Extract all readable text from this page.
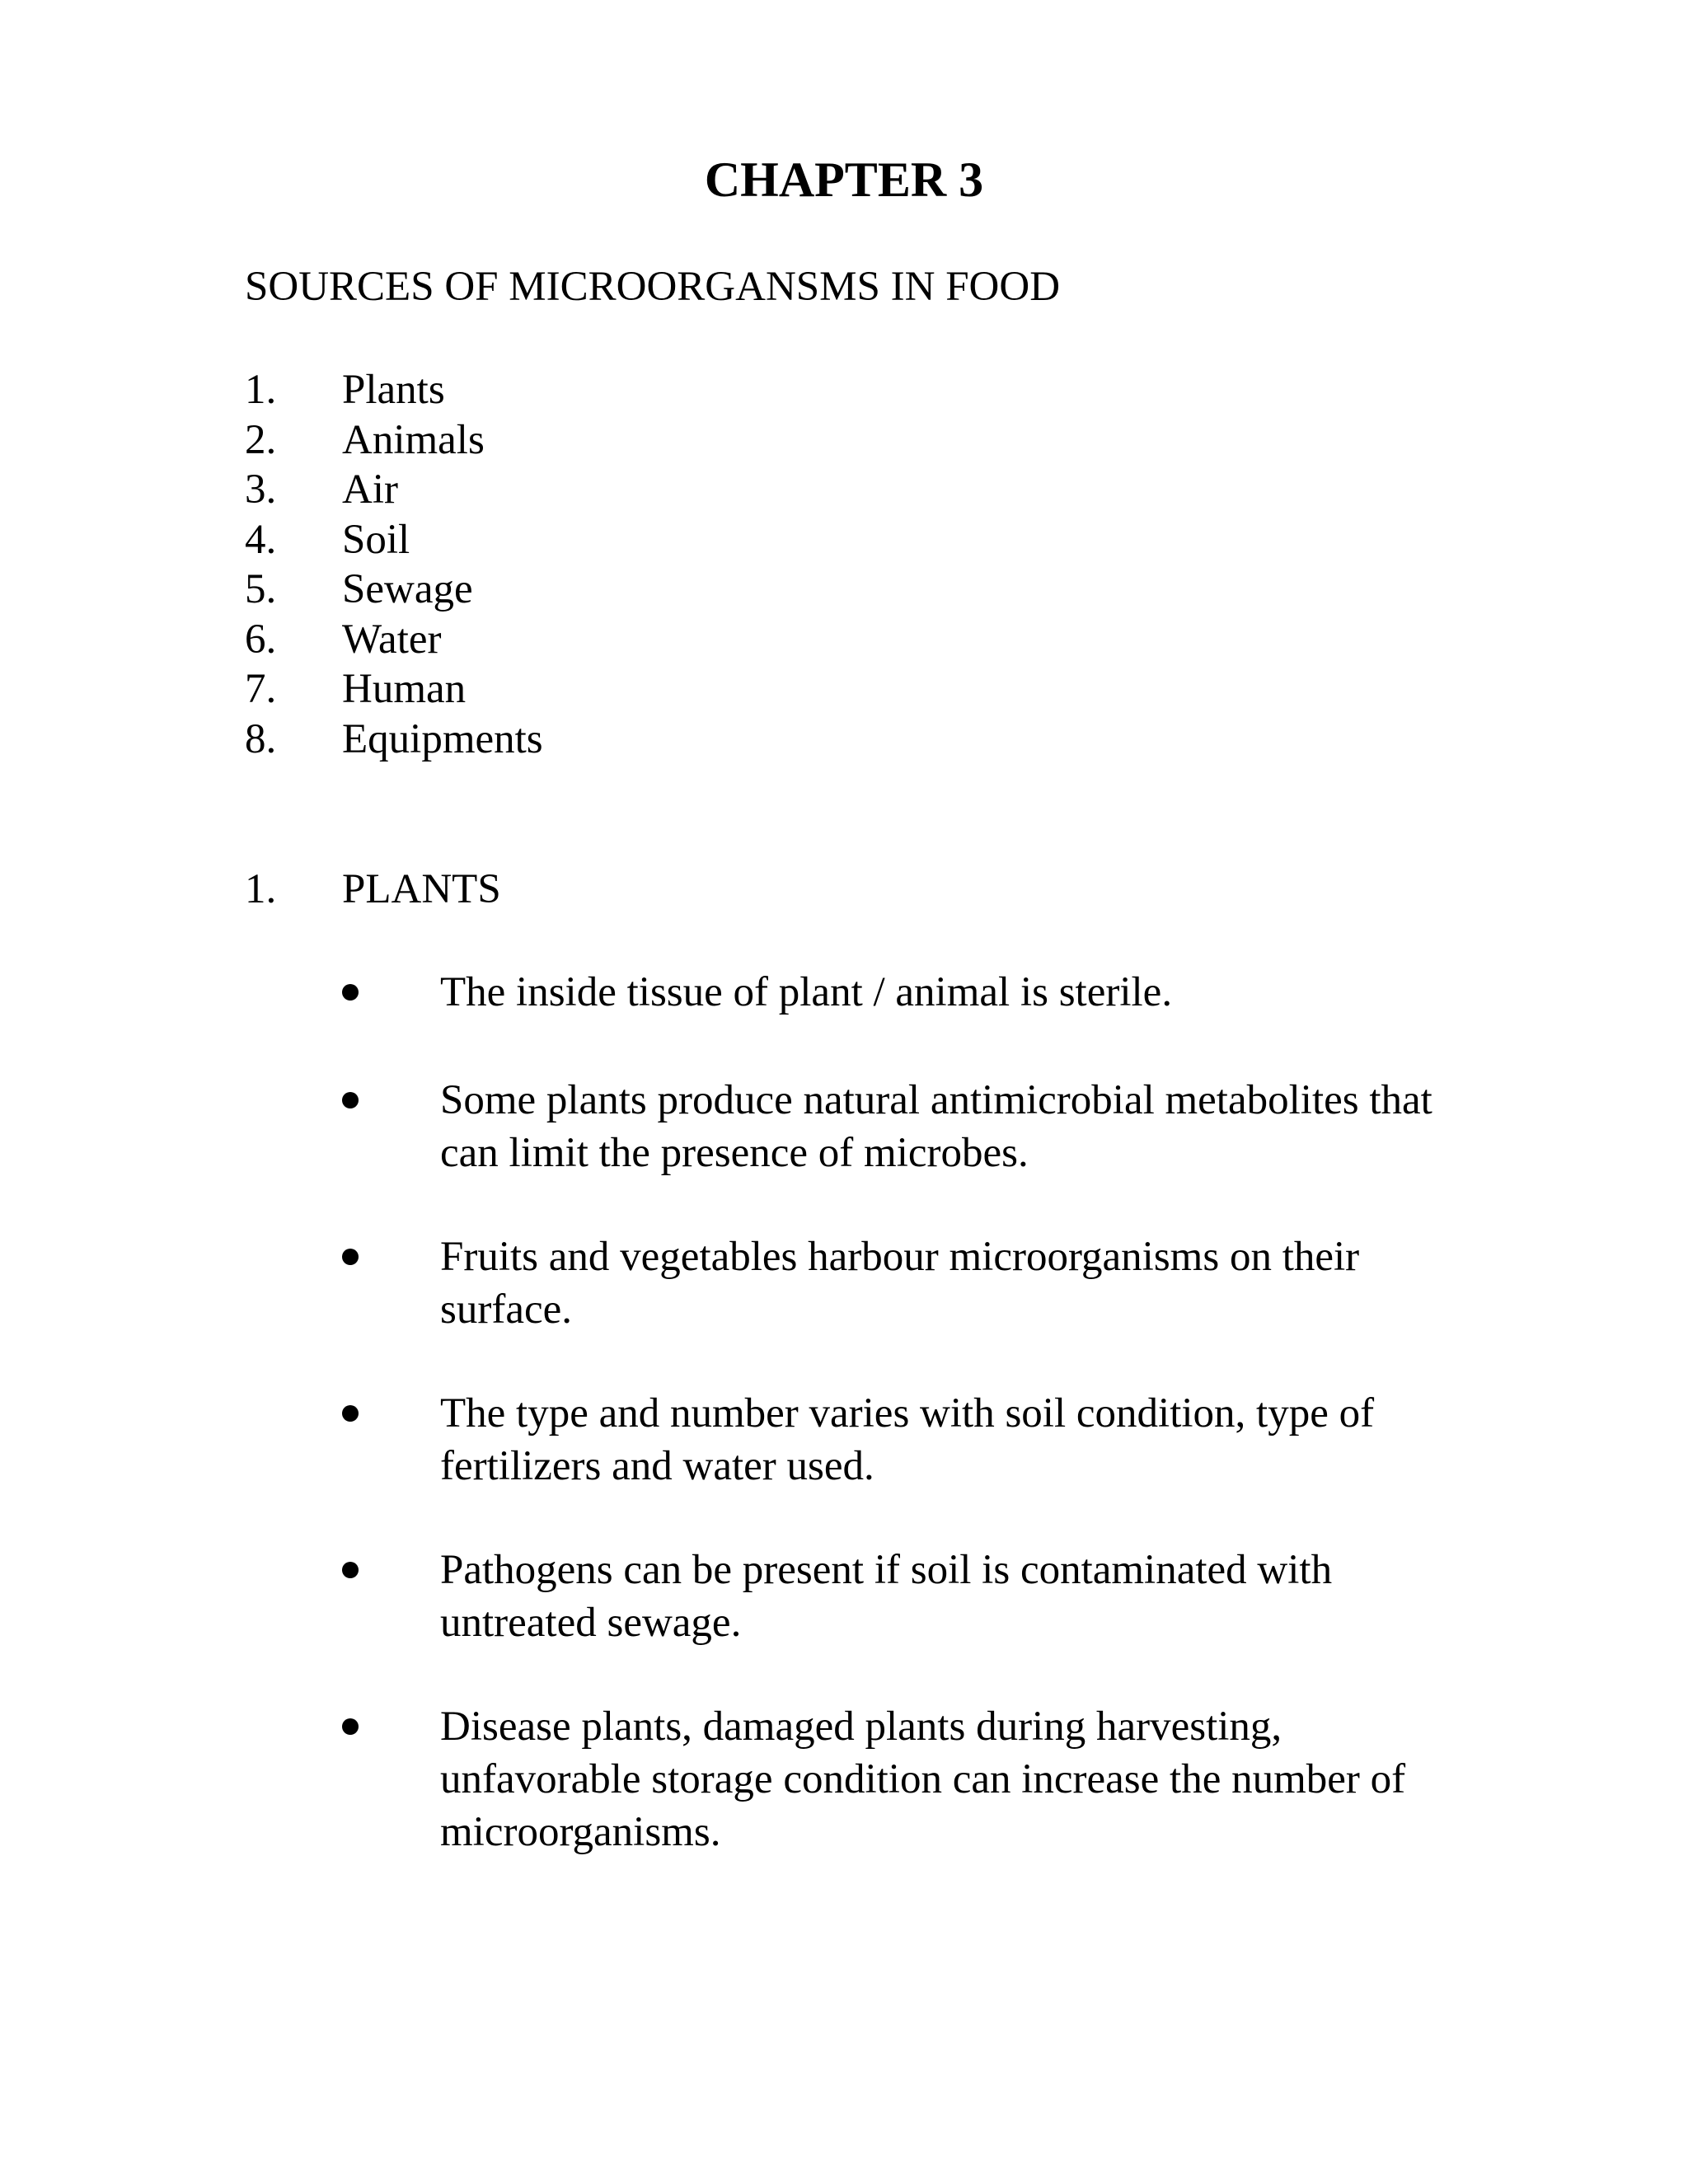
CHAPTER 3

SOURCES OF MICROORGANSMS IN FOOD

1. Plants
2. Animals
3. Air
4. Soil
5. Sewage
6. Water
7. Human
8. Equipments

1. PLANTS

The inside tissue of plant / animal is sterile.

Some plants produce natural antimicrobial metabolites that can limit the presence of microbes.

Fruits and vegetables harbour microorganisms on their surface.

The type and number varies with soil condition, type of fertilizers and water used.

Pathogens can be present if soil is contaminated with untreated sewage.

Disease plants, damaged plants during harvesting, unfavorable storage condition can increase the number of microorganisms.
